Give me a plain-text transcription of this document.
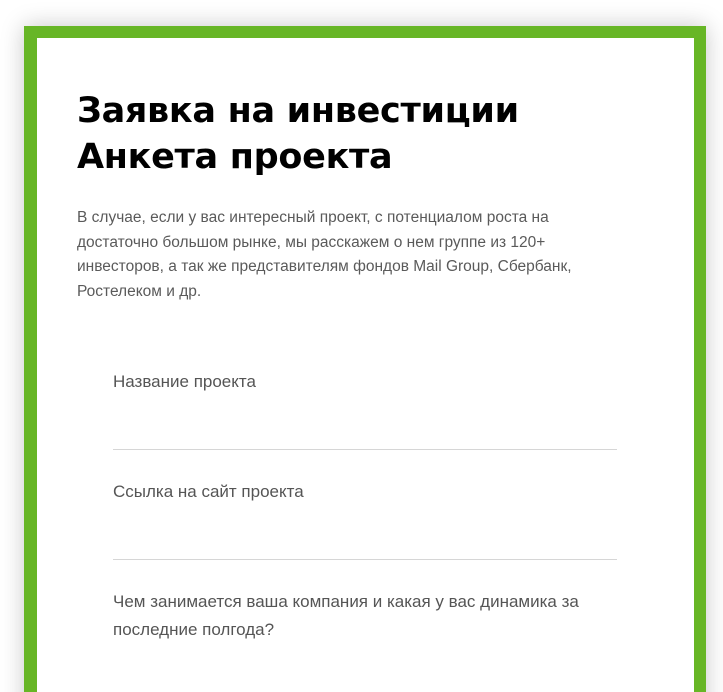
Заявка на инвестиции
Анкета проекта

В случае, если у вас интересный проект, с потенциалом роста на достаточно большом рынке, мы расскажем о нем группе из 120+ инвесторов, а так же представителям фондов Mail Group, Сбербанк, Ростелеком и др.

Название проекта
Ссылка на сайт проекта
Чем занимается ваша компания и какая у вас динамика за последние полгода?
